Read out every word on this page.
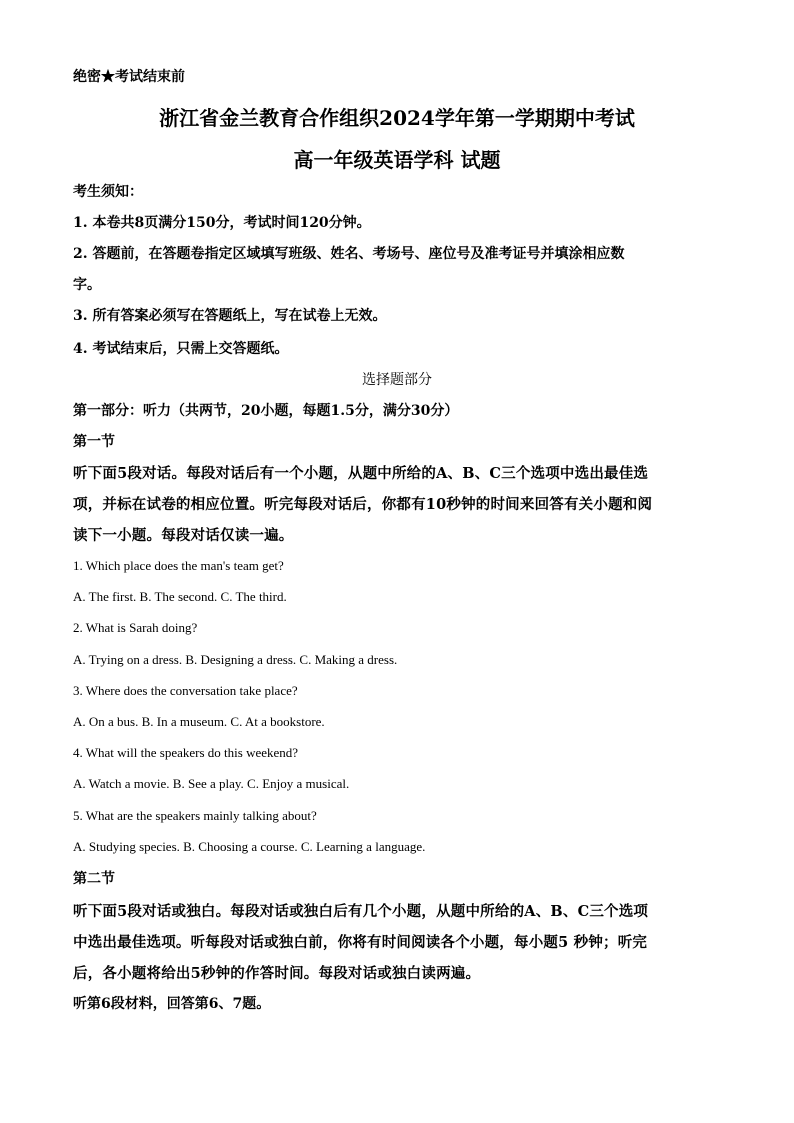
绝密★考试结束前
浙江省金兰教育合作组织2024学年第一学期期中考试
高一年级英语学科 试题
考生须知：
1. 本卷共8页满分150分，考试时间120分钟。
2. 答题前，在答题卷指定区域填写班级、姓名、考场号、座位号及准考证号并填涂相应数
字。
3. 所有答案必须写在答题纸上，写在试卷上无效。
4. 考试结束后，只需上交答题纸。
选择题部分
第一部分：听力（共两节，20小题，每题1.5分，满分30分）
第一节
听下面5段对话。每段对话后有一个小题，从题中所给的A、B、C三个选项中选出最佳选
项，并标在试卷的相应位置。听完每段对话后，你都有10秒钟的时间来回答有关小题和阅
读下一小题。每段对话仅读一遍。
1. Which place does the man's team get?
A. The first. B. The second. C. The third.
2. What is Sarah doing?
A. Trying on a dress. B. Designing a dress. C. Making a dress.
3. Where does the conversation take place?
A. On a bus. B. In a museum. C. At a bookstore.
4. What will the speakers do this weekend?
A. Watch a movie. B. See a play. C. Enjoy a musical.
5. What are the speakers mainly talking about?
A. Studying species. B. Choosing a course. C. Learning a language.
第二节
听下面5段对话或独白。每段对话或独白后有几个小题，从题中所给的A、B、C三个选项
中选出最佳选项。听每段对话或独白前，你将有时间阅读各个小题，每小题5 秒钟；听完
后，各小题将给出5秒钟的作答时间。每段对话或独白读两遍。
听第6段材料，回答第6、7题。
